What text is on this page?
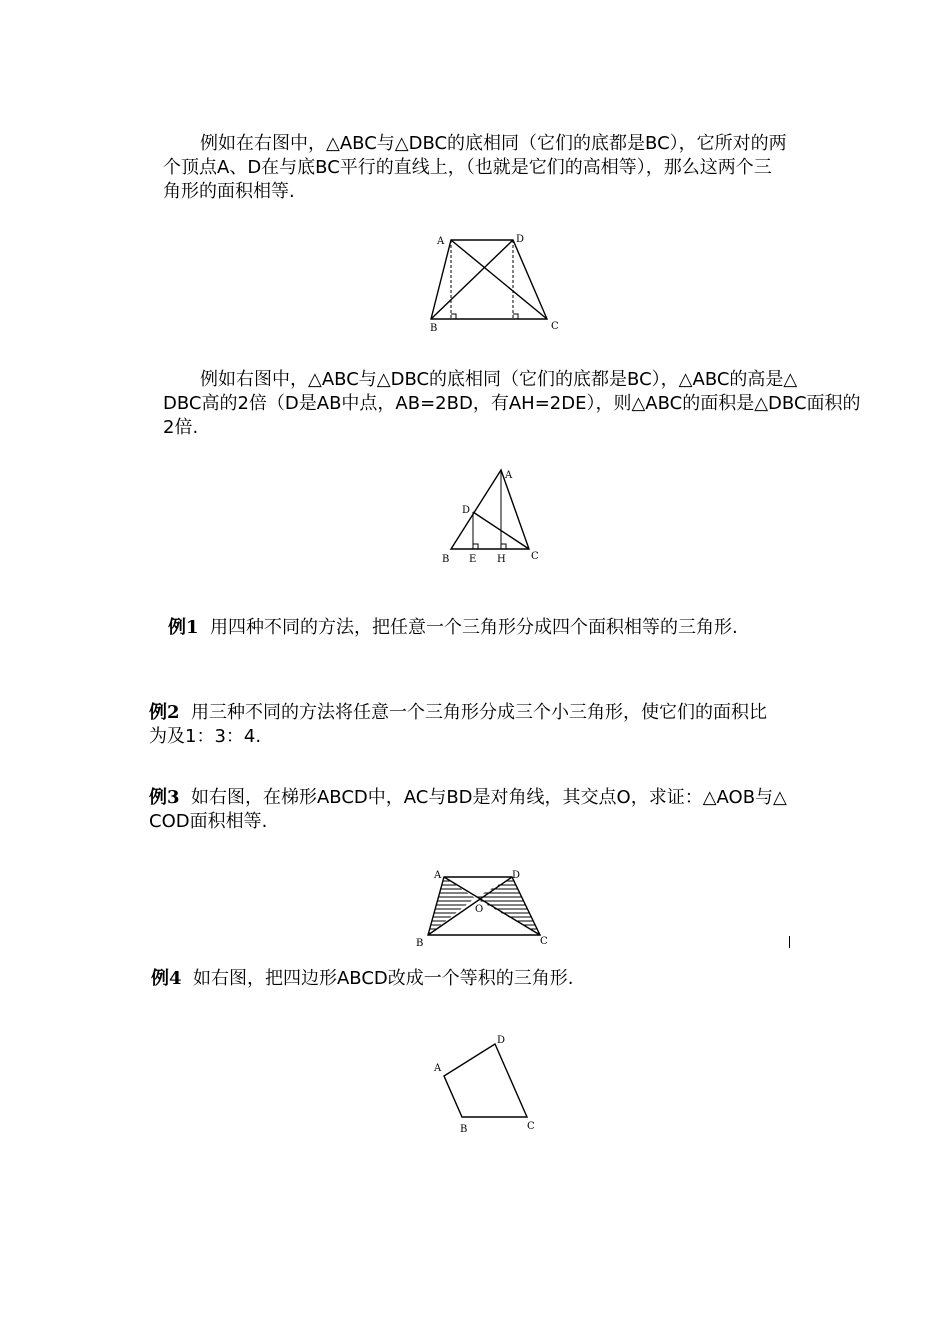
例如在右图中，△ABC与△DBC的底相同（它们的底都是BC），它所对的两
个顶点A、D在与底BC平行的直线上，（也就是它们的高相等），那么这两个三
角形的面积相等.
A	D
B	C
例如右图中，△ABC与△DBC的底相同（它们的底都是BC），△ABC的高是△
DBC高的2倍（D是AB中点，AB=2BD，有AH=2DE），则△ABC的面积是△DBC面积的
2倍.
A
D
B E H	C
例1 用四种不同的方法，把任意一个三角形分成四个面积相等的三角形.
例2 用三种不同的方法将任意一个三角形分成三个小三角形，使它们的面积比
为及1：3：4.
例3 如右图，在梯形ABCD中，AC与BD是对角线，其交点O，求证：△AOB与△
COD面积相等.
A	D
O
B	C
例4 如右图，把四边形ABCD改成一个等积的三角形.
A
D
B	C
